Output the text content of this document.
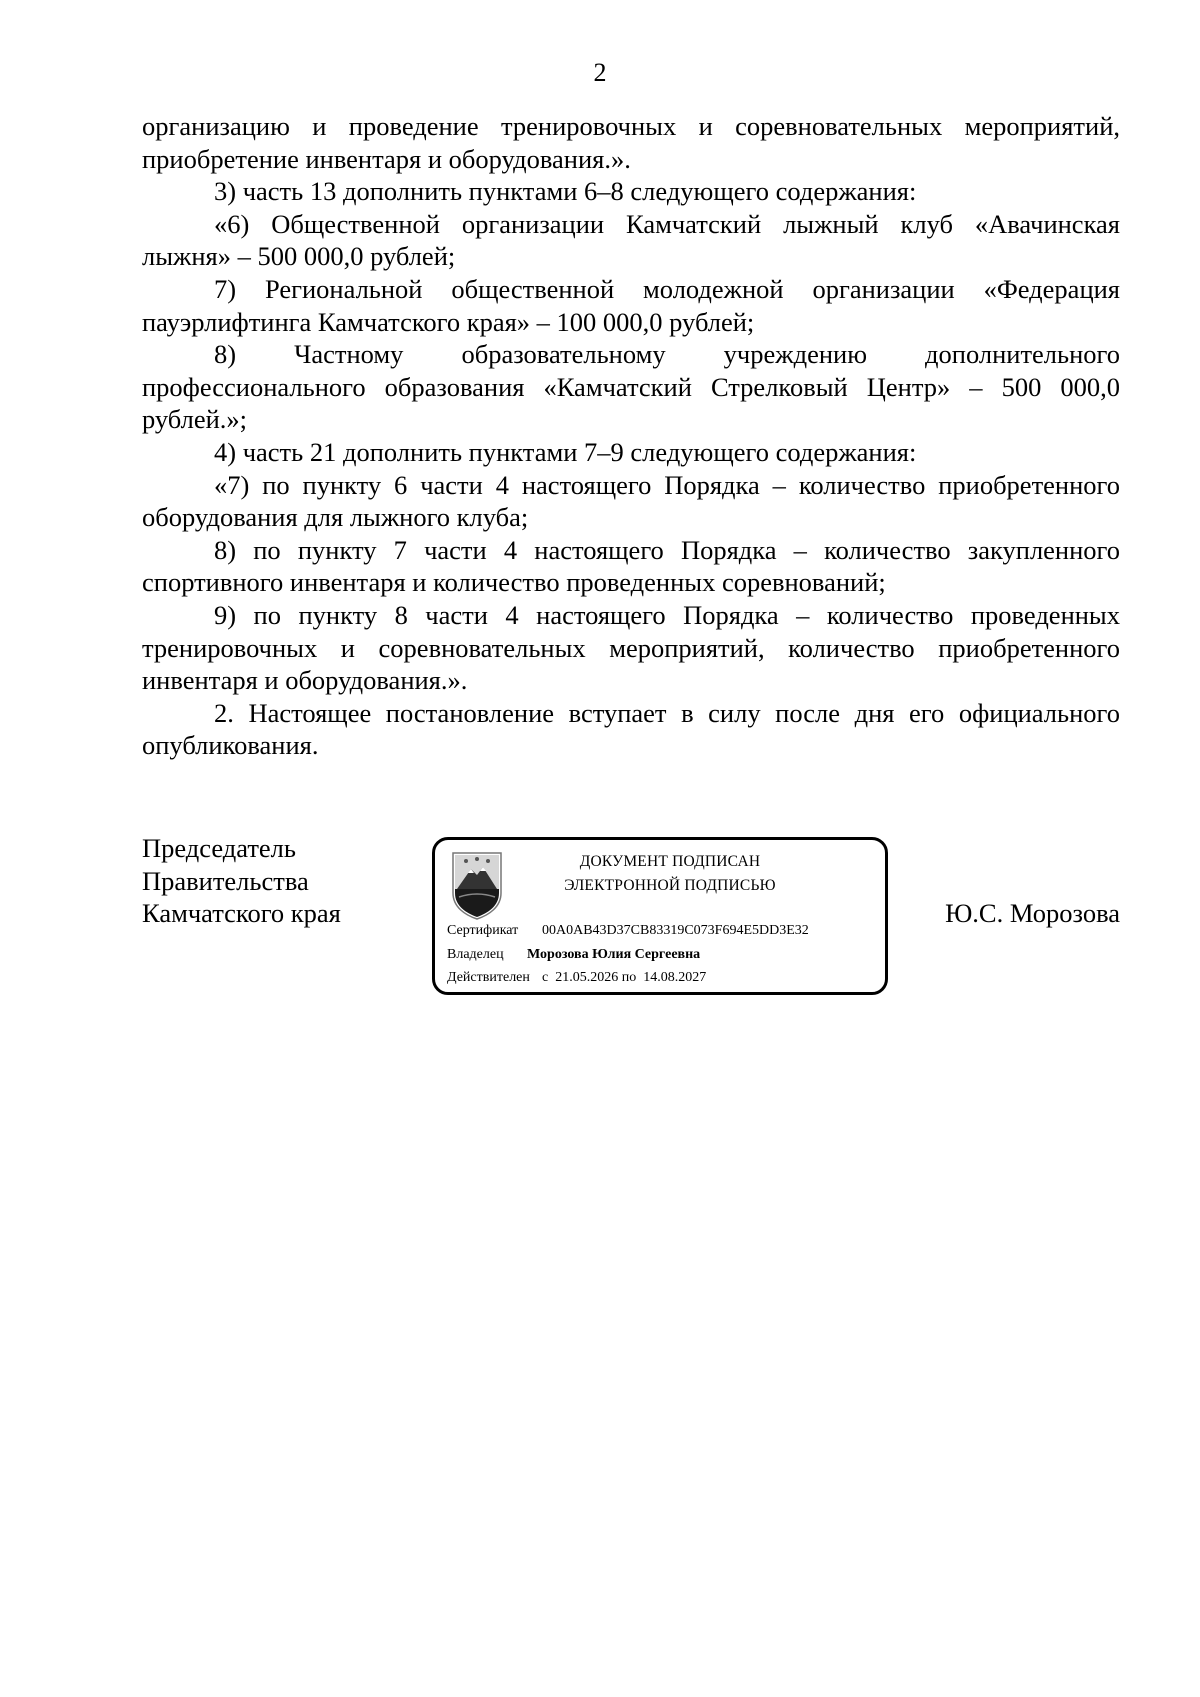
2

организацию и проведение тренировочных и соревновательных мероприятий, приобретение инвентаря и оборудования.».

3) часть 13 дополнить пунктами 6–8 следующего содержания:

«6) Общественной организации Камчатский лыжный клуб «Авачинская лыжня» – 500 000,0 рублей;

7) Региональной общественной молодежной организации «Федерация пауэрлифтинга Камчатского края» – 100 000,0 рублей;

8) Частному образовательному учреждению дополнительного профессионального образования «Камчатский Стрелковый Центр» – 500 000,0 рублей.»;

4) часть 21 дополнить пунктами 7–9 следующего содержания:

«7) по пункту 6 части 4 настоящего Порядка – количество приобретенного оборудования для лыжного клуба;

8) по пункту 7 части 4 настоящего Порядка – количество закупленного спортивного инвентаря и количество проведенных соревнований;

9) по пункту 8 части 4 настоящего Порядка – количество проведенных тренировочных и соревновательных мероприятий, количество приобретенного инвентаря и оборудования.».

2. Настоящее постановление вступает в силу после дня его официального опубликования.

Председатель
Правительства
Камчатского края
ДОКУМЕНТ ПОДПИСАН
ЭЛЕКТРОННОЙ ПОДПИСЬЮ
Сертификат 00A0AB43D37CB83319C073F694E5DD3E32
Владелец Морозова Юлия Сергеевна
Действителен с  21.05.2026 по  14.08.2027
Ю.С. Морозова
